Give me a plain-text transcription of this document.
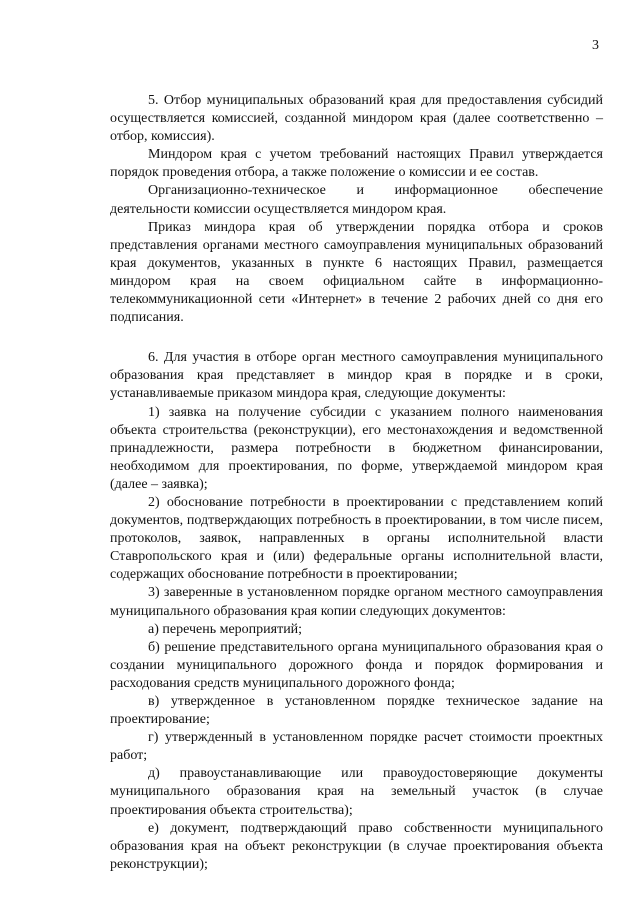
3

5. Отбор муниципальных образований края для предоставления субсидий осуществляется комиссией, созданной миндором края (далее соответственно – отбор, комиссия).

Миндором края с учетом требований настоящих Правил утверждается порядок проведения отбора, а также положение о комиссии и ее состав.

Организационно-техническое и информационное обеспечение деятельности комиссии осуществляется миндором края.

Приказ миндора края об утверждении порядка отбора и сроков представления органами местного самоуправления муниципальных образований края документов, указанных в пункте 6 настоящих Правил, размещается миндором края на своем официальном сайте в информационно-телекоммуникационной сети «Интернет» в течение 2 рабочих дней со дня его подписания.

6. Для участия в отборе орган местного самоуправления муниципального образования края представляет в миндор края в порядке и в сроки, устанавливаемые приказом миндора края, следующие документы:

1) заявка на получение субсидии с указанием полного наименования объекта строительства (реконструкции), его местонахождения и ведомственной принадлежности, размера потребности в бюджетном финансировании, необходимом для проектирования, по форме, утверждаемой миндором края (далее – заявка);

2) обоснование потребности в проектировании с представлением копий документов, подтверждающих потребность в проектировании, в том числе писем, протоколов, заявок, направленных в органы исполнительной власти Ставропольского края и (или) федеральные органы исполнительной власти, содержащих обоснование потребности в проектировании;

3) заверенные в установленном порядке органом местного самоуправления муниципального образования края копии следующих документов:

а) перечень мероприятий;

б) решение представительного органа муниципального образования края о создании муниципального дорожного фонда и порядок формирования и расходования средств муниципального дорожного фонда;

в) утвержденное в установленном порядке техническое задание на проектирование;

г) утвержденный в установленном порядке расчет стоимости проектных работ;

д) правоустанавливающие или правоудостоверяющие документы муниципального образования края на земельный участок (в случае проектирования объекта строительства);

е) документ, подтверждающий право собственности муниципального образования края на объект реконструкции (в случае проектирования объекта реконструкции);
